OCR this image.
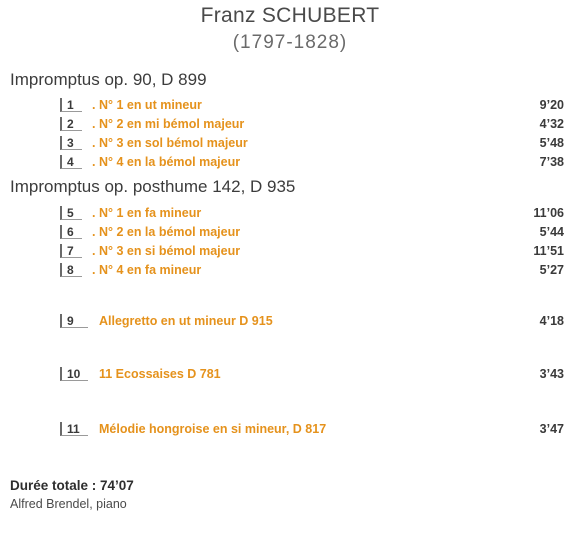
Franz SCHUBERT
(1797-1828)
Impromptus op. 90, D 899
1	. N° 1 en ut mineur	9’20
2	. N° 2 en mi bémol majeur	4’32
3	. N° 3 en sol bémol majeur	5’48
4	. N° 4 en la bémol majeur	7’38
Impromptus op. posthume 142, D 935
5	. N° 1 en fa mineur	11’06
6	. N° 2 en la bémol majeur	5’44
7	. N° 3 en si bémol majeur	11’51
8	. N° 4 en fa mineur	5’27
9	Allegretto en ut mineur D 915	4’18
10	11 Ecossaises D 781	3’43
11	Mélodie hongroise en si mineur, D 817	3’47
Durée totale : 74’07
Alfred Brendel, piano
